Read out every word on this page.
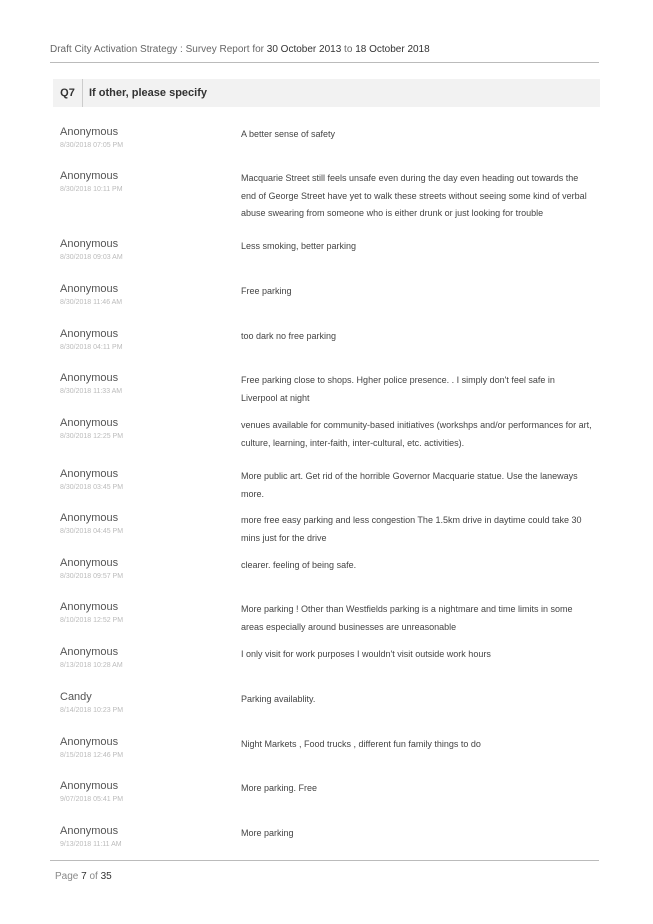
Draft City Activation Strategy : Survey Report for 30 October 2013 to 18 October 2018
Q7	If other, please specify
Anonymous
8/30/2018 07:05 PM
A better sense of safety
Anonymous
8/30/2018 10:11 PM
Macquarie Street still feels unsafe even during the day even heading out towards the end of George Street have yet to walk these streets without seeing some kind of verbal abuse swearing from someone who is either drunk or just looking for trouble
Anonymous
8/30/2018 09:03 AM
Less smoking, better parking
Anonymous
8/30/2018 11:46 AM
Free parking
Anonymous
8/30/2018 04:11 PM
too dark no free parking
Anonymous
8/30/2018 11:33 AM
Free parking close to shops. Hgher police presence. . I simply don't feel safe in Liverpool at night
Anonymous
8/30/2018 12:25 PM
venues available for community-based initiatives (workshps and/or performances for art, culture, learning, inter-faith, inter-cultural, etc. activities).
Anonymous
8/30/2018 03:45 PM
More public art. Get rid of the horrible Governor Macquarie statue. Use the laneways more.
Anonymous
8/30/2018 04:45 PM
more free easy parking and less congestion The 1.5km drive in daytime could take 30 mins just for the drive
Anonymous
8/30/2018 09:57 PM
clearer. feeling of being safe.
Anonymous
8/10/2018 12:52 PM
More parking ! Other than Westfields parking is a nightmare and time limits in some areas especially around businesses are unreasonable
Anonymous
8/13/2018 10:28 AM
I only visit for work purposes I wouldn't visit outside work hours
Candy
8/14/2018 10:23 PM
Parking availablity.
Anonymous
8/15/2018 12:46 PM
Night Markets , Food trucks , different fun family things to do
Anonymous
9/07/2018 05:41 PM
More parking. Free
Anonymous
9/13/2018 11:11 AM
More parking
Page 7 of 35
